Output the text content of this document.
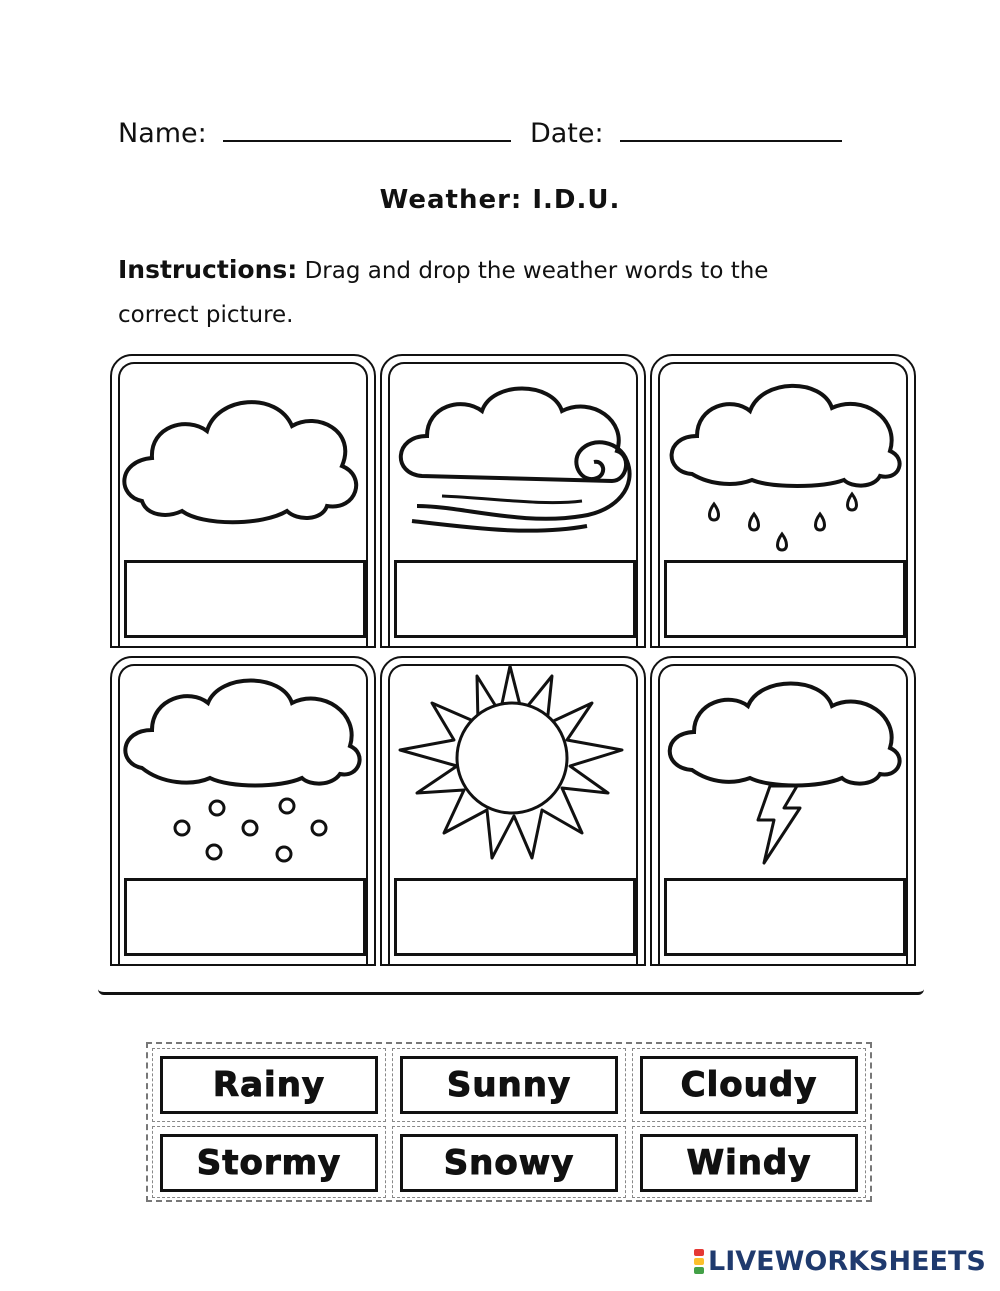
Name:	Date:
Weather: I.D.U.
Instructions: Drag and drop the weather words to the correct picture.
Rainy	Sunny	Cloudy
Stormy	Snowy	Windy
LIVEWORKSHEETS
